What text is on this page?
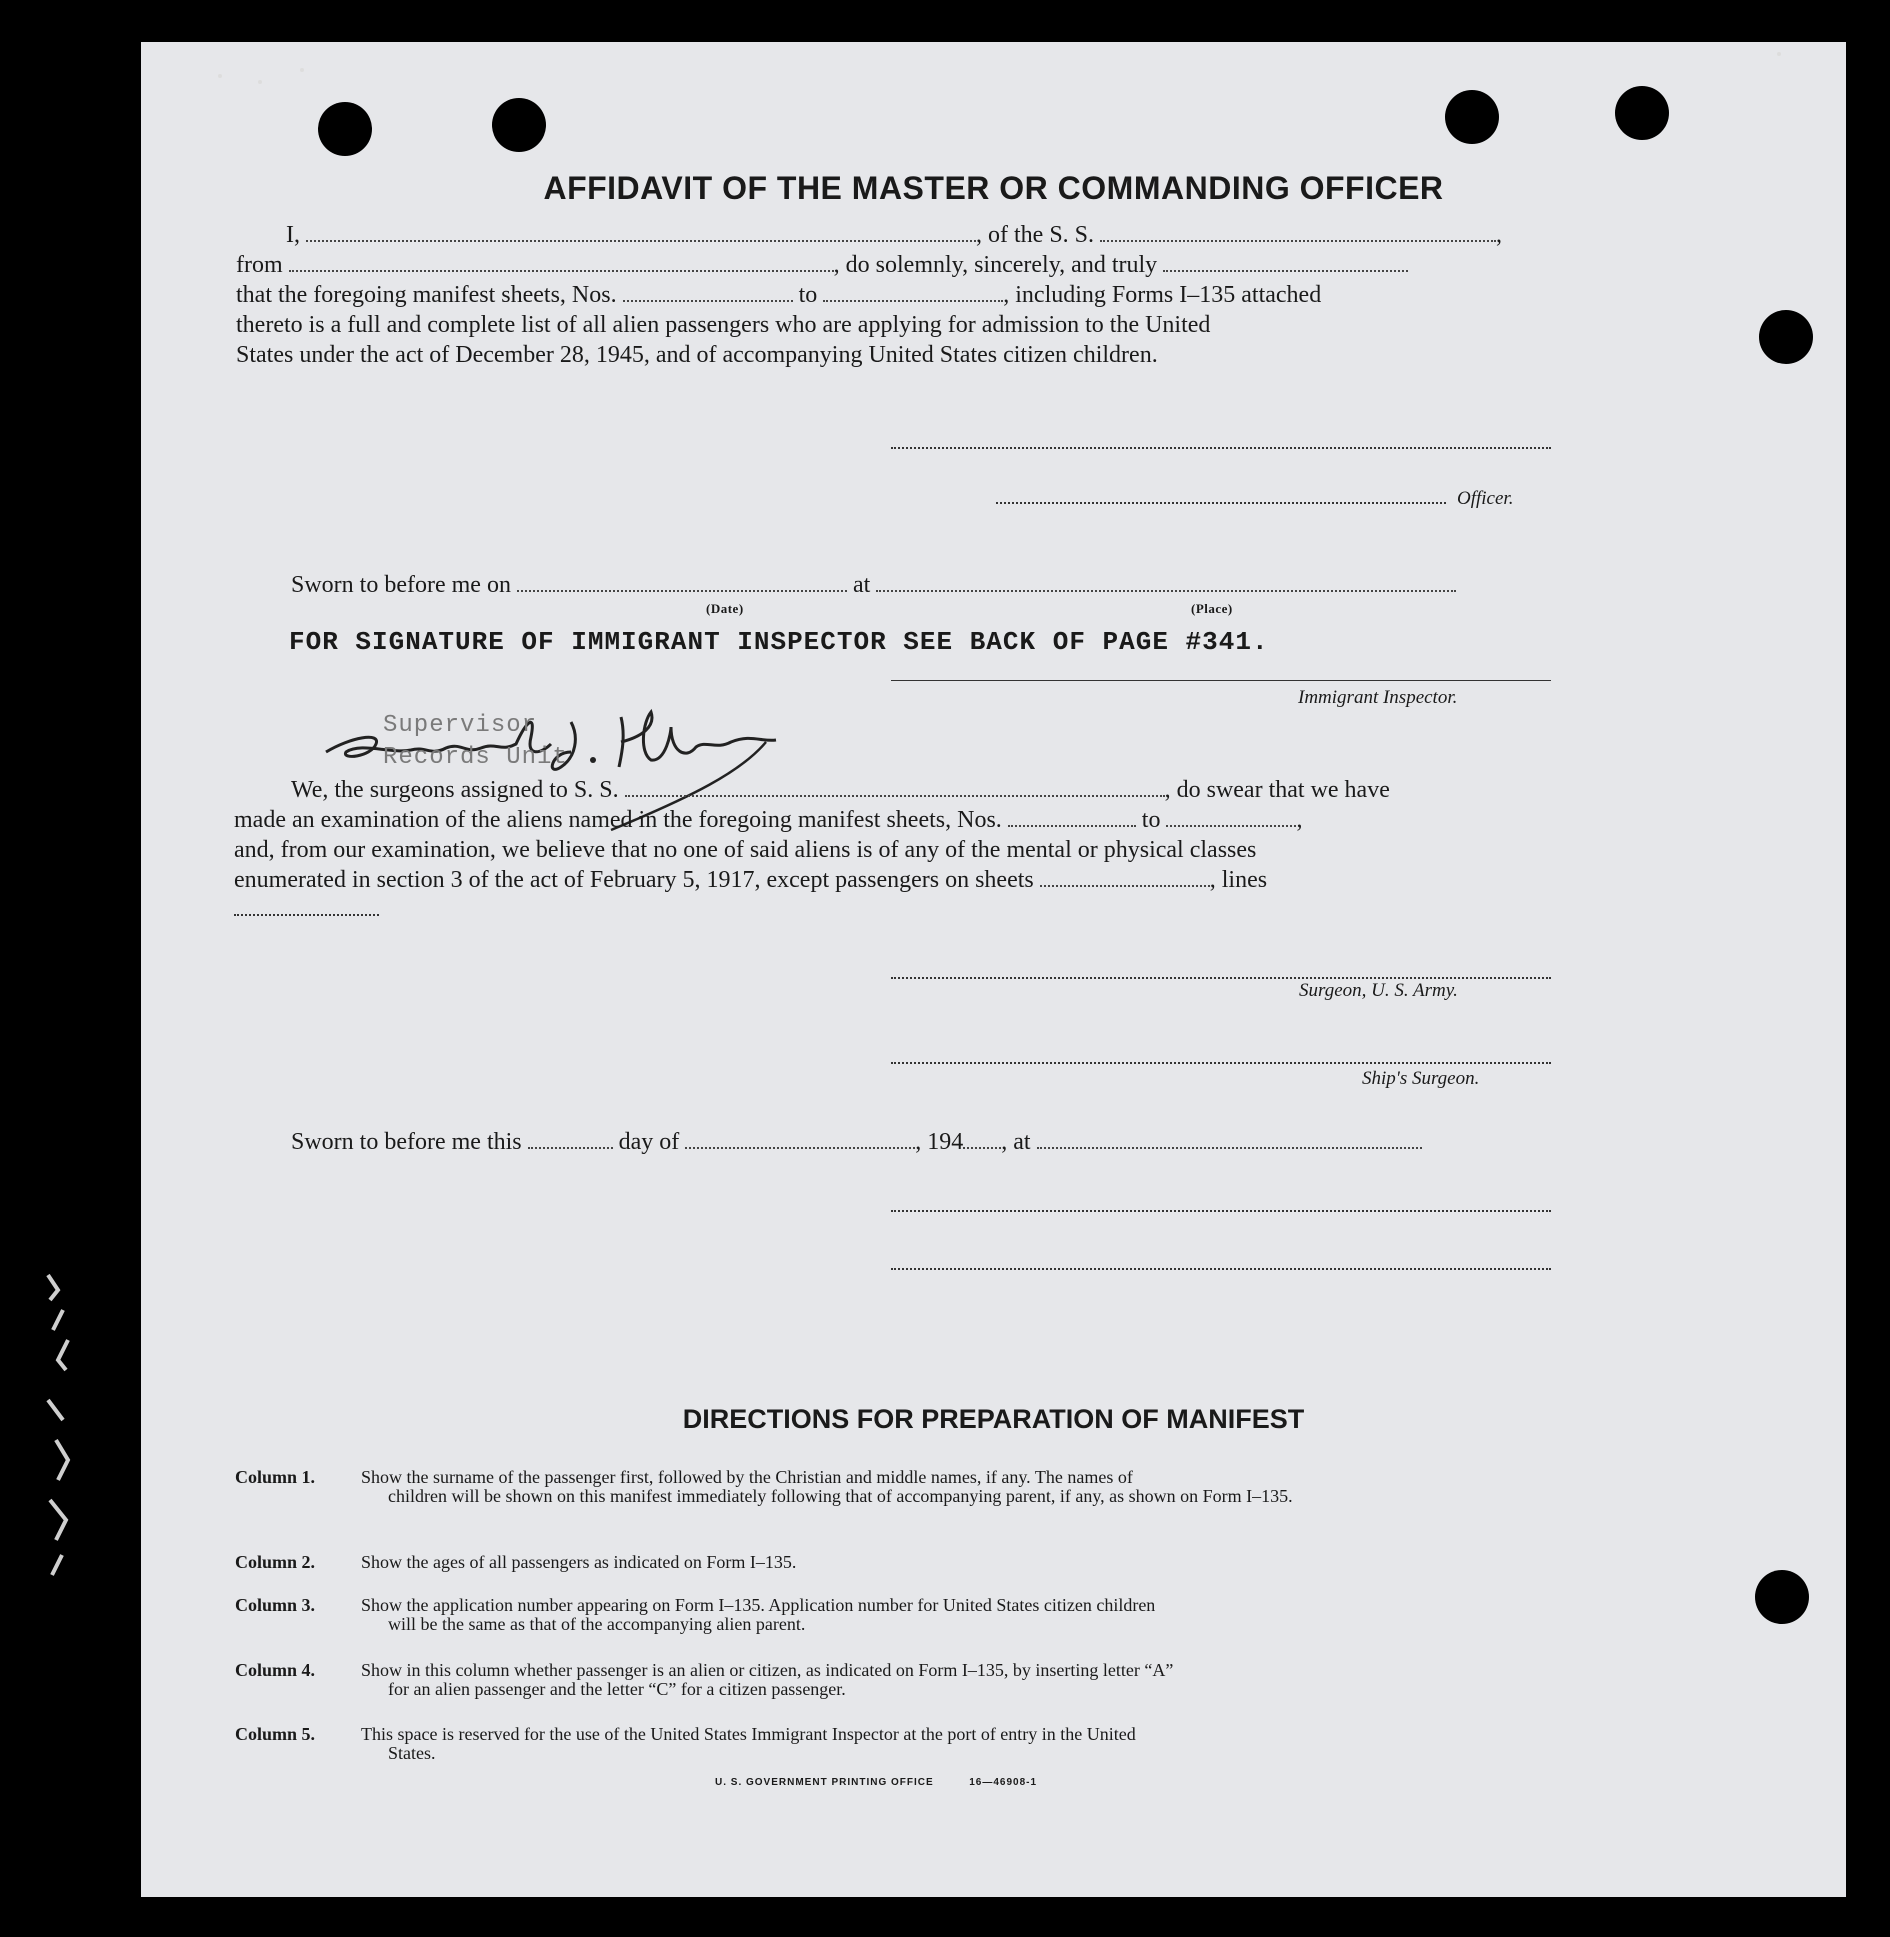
AFFIDAVIT OF THE MASTER OR COMMANDING OFFICER
I,	, of the S. S.	,
from	, do solemnly, sincerely, and truly
that the foregoing manifest sheets, Nos.	to	, including Forms I–135 attached
thereto is a full and complete list of all alien passengers who are applying for admission to the United
States under the act of December 28, 1945, and of accompanying United States citizen children.
Officer.
Sworn to before me on	at
(Date)	(Place)
FOR SIGNATURE OF IMMIGRANT INSPECTOR SEE BACK OF PAGE #341.
Immigrant Inspector.
Supervisor
Records Unit
We, the surgeons assigned to S. S.	, do swear that we have
made an examination of the aliens named in the foregoing manifest sheets, Nos.	to	,
and, from our examination, we believe that no one of said aliens is of any of the mental or physical classes
enumerated in section 3 of the act of February 5, 1917, except passengers on sheets	, lines
Surgeon, U. S. Army.
Ship's Surgeon.
Sworn to before me this	day of	, 194 , at
DIRECTIONS FOR PREPARATION OF MANIFEST
Column 1.	Show the surname of the passenger first, followed by the Christian and middle names, if any. The names of
children will be shown on this manifest immediately following that of accompanying parent, if any, as shown on Form I–135.
Column 2.	Show the ages of all passengers as indicated on Form I–135.
Column 3.	Show the application number appearing on Form I–135. Application number for United States citizen children
will be the same as that of the accompanying alien parent.
Column 4.	Show in this column whether passenger is an alien or citizen, as indicated on Form I–135, by inserting letter “A”
for an alien passenger and the letter “C” for a citizen passenger.
Column 5.	This space is reserved for the use of the United States Immigrant Inspector at the port of entry in the United
States.
U. S. GOVERNMENT PRINTING OFFICE	16—46908-1
